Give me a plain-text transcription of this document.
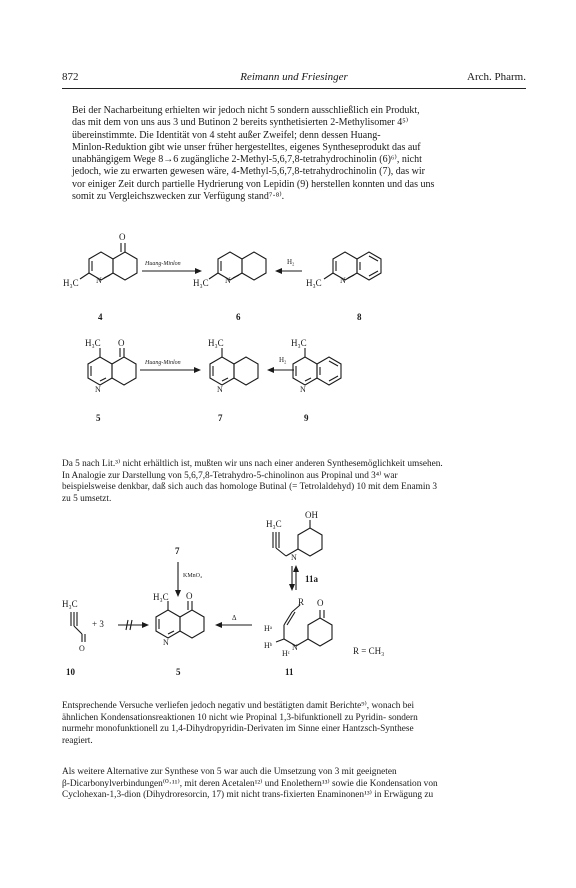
872	Reimann und Friesinger	Arch. Pharm.
Bei der Nacharbeitung erhielten wir jedoch nicht 5 sondern ausschließlich ein Produkt,
das mit dem von uns aus 3 und Butinon 2 bereits synthetisierten 2-Methylisomer 4⁵⁾
übereinstimmte. Die Identität von 4 steht außer Zweifel; denn dessen Huang-
Minlon-Reduktion gibt wie unser früher hergestelltes, eigenes Syntheseprodukt das auf
unabhängigem Wege 8→6 zugängliche 2-Methyl-5,6,7,8-tetrahydrochinolin (6)⁶⁾, nicht
jedoch, wie zu erwarten gewesen wäre, 4-Methyl-5,6,7,8-tetrahydrochinolin (7), das wir
vor einiger Zeit durch partielle Hydrierung von Lepidin (9) herstellen konnten und das uns
somit zu Vergleichszwecken zur Verfügung stand⁷·⁸⁾.
O
N
H₃C
Huang-Minlon
N
H₃C
H₂
N
H₃C
4	6	8
H₃C O
N
Huang-Minlon
H₃C
N
H₂
H₃C
N
5	7	9
Da 5 nach Lit.³⁾ nicht erhältlich ist, mußten wir uns nach einer anderen Synthesemöglichkeit umsehen.
In Analogie zur Darstellung von 5,6,7,8-Tetrahydro-5-chinolinon aus Propinal und 3⁴⁾ war
beispielsweise denkbar, daß sich auch das homologe Butinal (= Tetrolaldehyd) 10 mit dem Enamin 3
zu 5 umsetzt.
7
KMnO₄
H₃C
O
+ 3
H₃C O
N
Δ
H₃C
OH
N
11a
R O
Hᵃ
Hᵇ
Hᶜ
N	R = CH₃
10	5	11
Entsprechende Versuche verliefen jedoch negativ und bestätigten damit Berichte⁹⁾, wonach bei
ähnlichen Kondensationsreaktionen 10 nicht wie Propinal 1,3-bifunktionell zu Pyridin- sondern
nurmehr monofunktionell zu 1,4-Dihydropyridin-Derivaten im Sinne einer Hantzsch-Synthese
reagiert.
Als weitere Alternative zur Synthese von 5 war auch die Umsetzung von 3 mit geeigneten
β-Dicarbonylverbindungen⁽⁰·¹¹⁾, mit deren Acetalen¹²⁾ und Enolethern¹³⁾ sowie die Kondensation von
Cyclohexan-1,3-dion (Dihydroresorcin, 17) mit nicht trans-fixierten Enaminonen¹³⁾ in Erwägung zu
